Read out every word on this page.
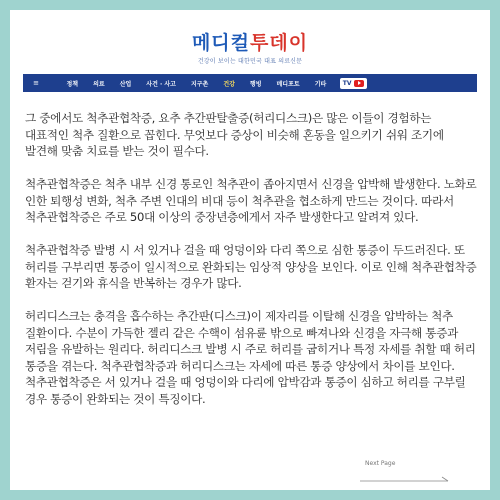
메디컬투데이
건강이 보이는 대한민국 대표 의료신문
≡	정책	의료	산업	사건 · 사고	지구촌	건강	행빙	메디포토	기타	TV

그 중에서도 척추관협착증, 요추 추간판탈출증(허리디스크)은 많은 이들이 경험하는 대표적인 척추 질환으로 꼽힌다. 무엇보다 증상이 비슷해 혼동을 일으키기 쉬워 조기에 발견해 맞춤 치료를 받는 것이 필수다.

척추관협착증은 척추 내부 신경 통로인 척추관이 좁아지면서 신경을 압박해 발생한다. 노화로 인한 퇴행성 변화, 척추 주변 인대의 비대 등이 척추관을 협소하게 만드는 것이다. 따라서 척추관협착증은 주로 50대 이상의 중장년층에게서 자주 발생한다고 알려져 있다.

척추관협착증 발병 시 서 있거나 걸을 때 엉덩이와 다리 쪽으로 심한 통증이 두드러진다. 또 허리를 구부리면 통증이 일시적으로 완화되는 임상적 양상을 보인다. 이로 인해 척추관협착증 환자는 걷기와 휴식을 반복하는 경우가 많다.

허리디스크는 충격을 흡수하는 추간판(디스크)이 제자리를 이탈해 신경을 압박하는 척추 질환이다. 수분이 가득한 젤리 같은 수핵이 섬유륜 밖으로 빠져나와 신경을 자극해 통증과 저림을 유발하는 원리다. 허리디스크 발병 시 주로 허리를 굽히거나 특정 자세를 취할 때 허리 통증을 겪는다. 척추관협착증과 허리디스크는 자세에 따른 통증 양상에서 차이를 보인다. 척추관협착증은 서 있거나 걸을 때 엉덩이와 다리에 압박감과 통증이 심하고 허리를 구부릴 경우 통증이 완화되는 것이 특징이다.

Next Page
